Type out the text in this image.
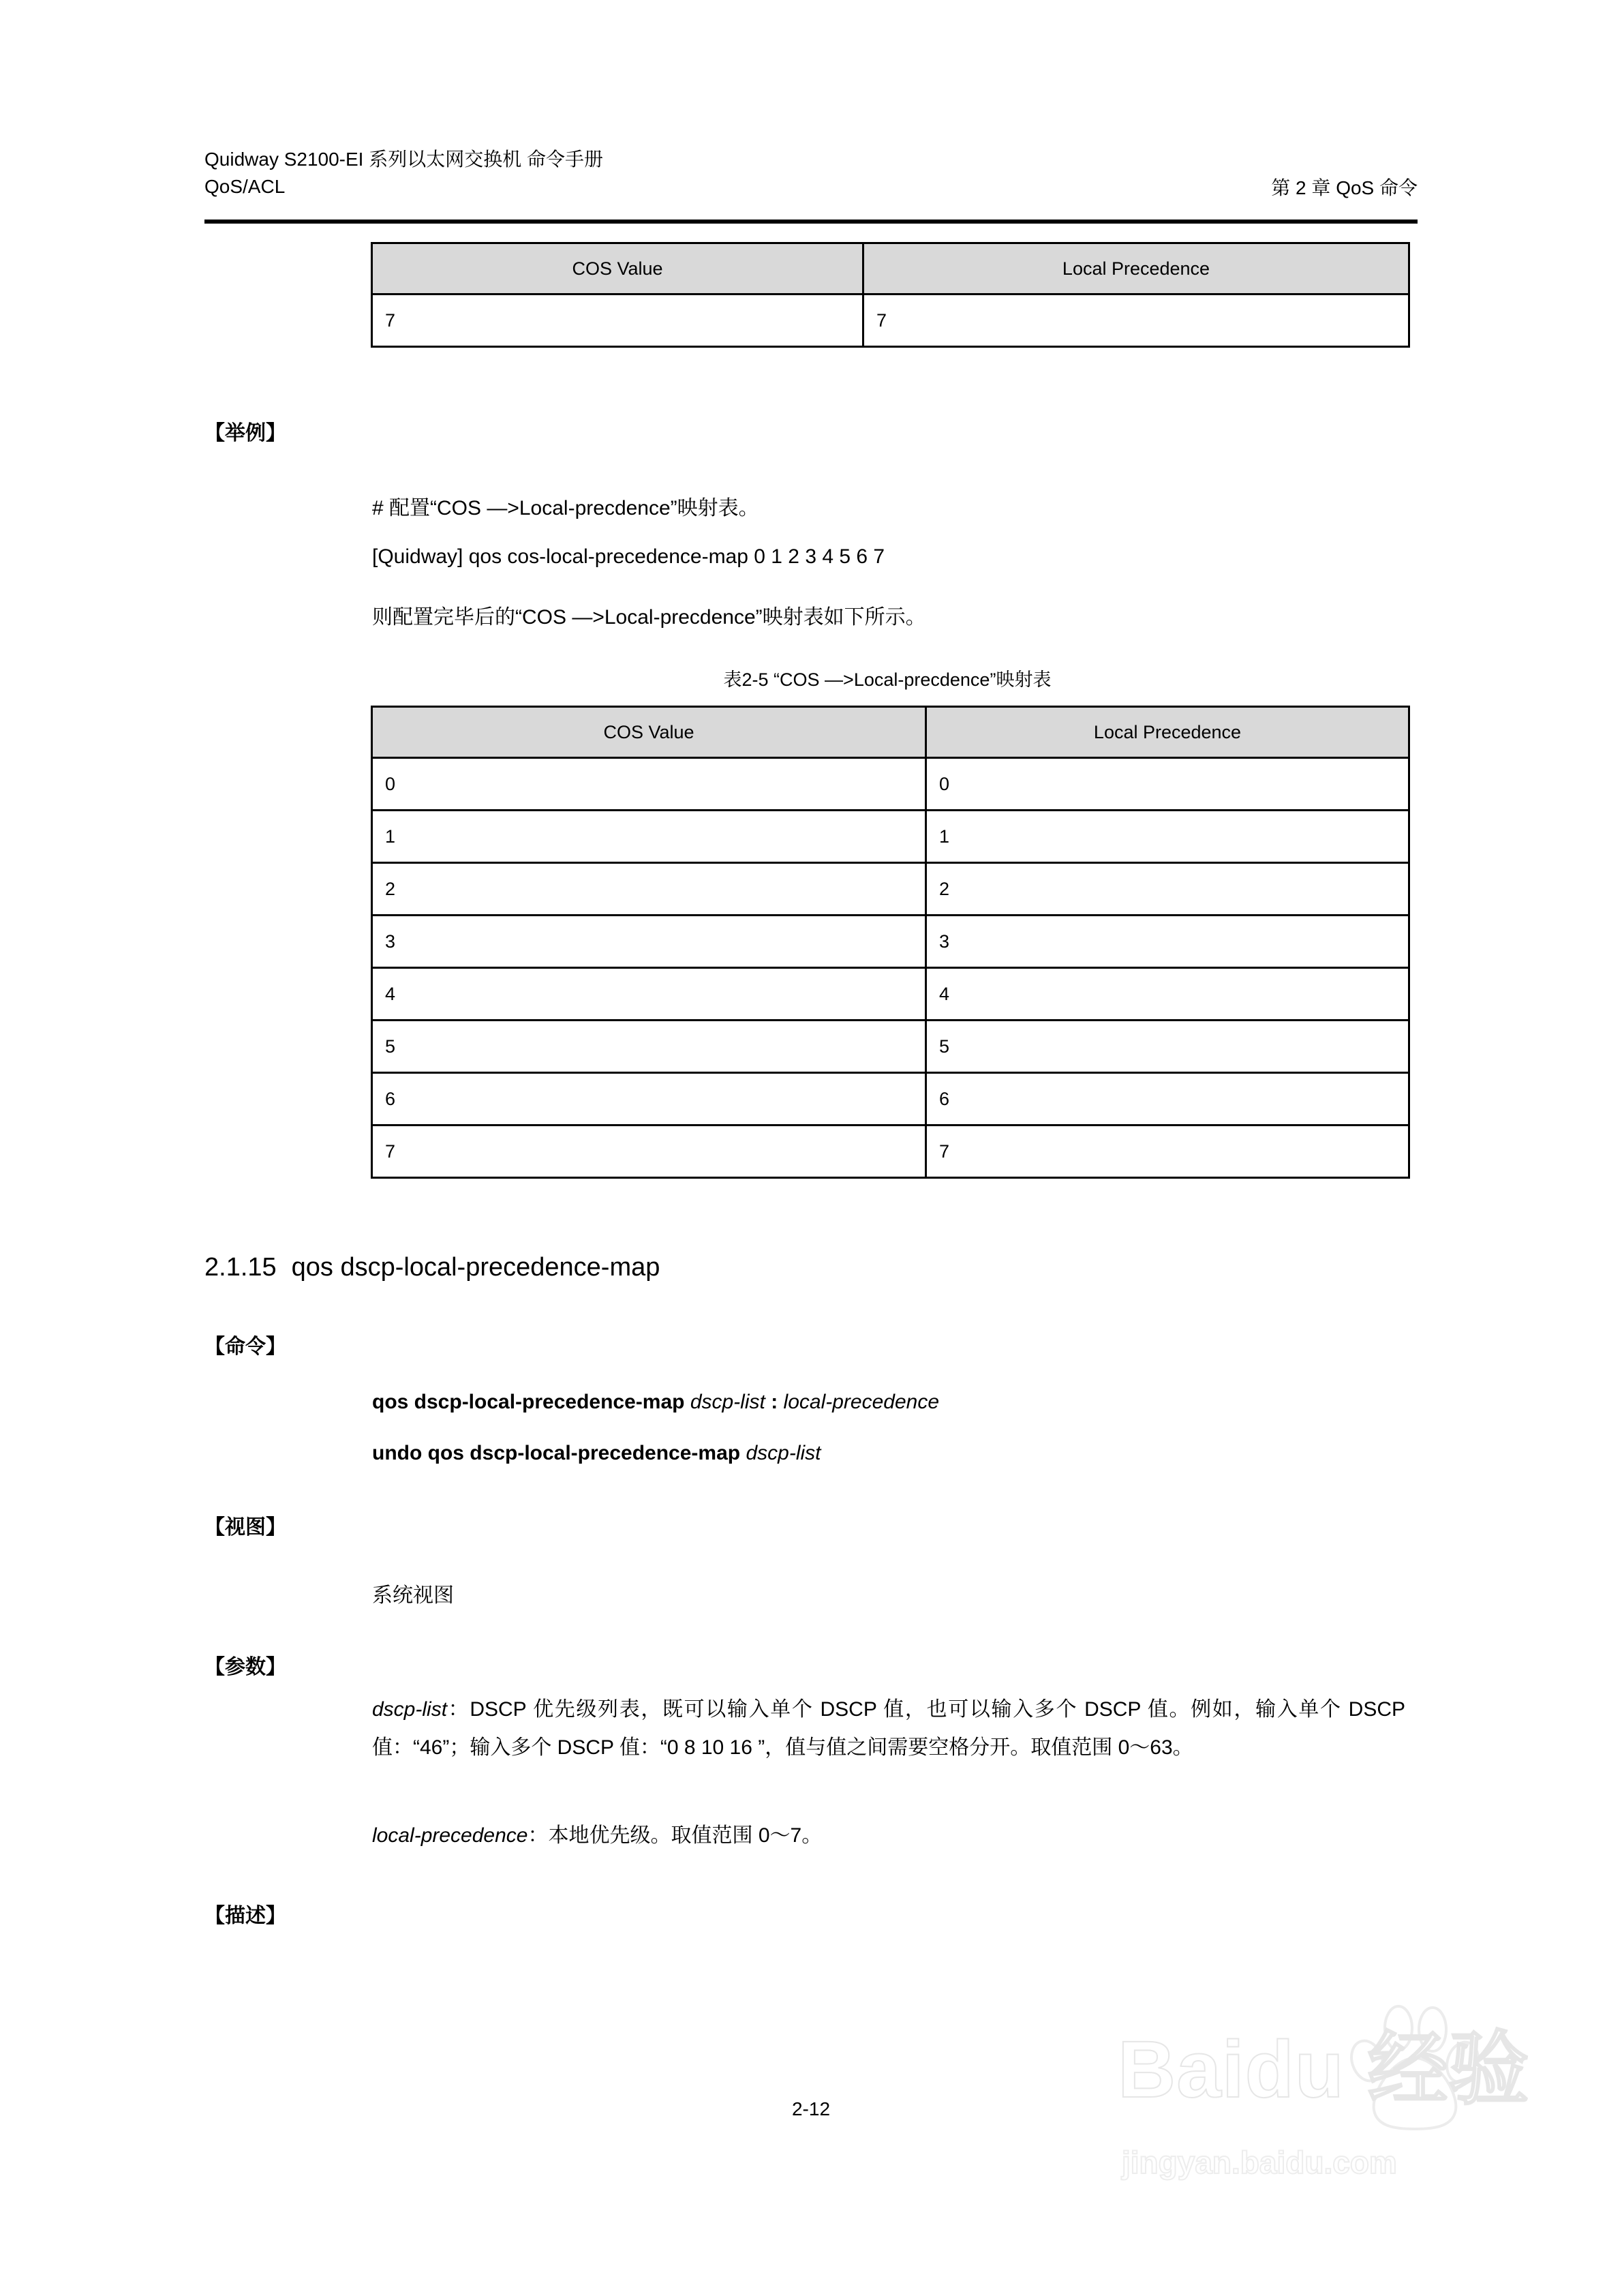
Quidway S2100-EI 系列以太网交换机 命令手册
QoS/ACL	第 2 章 QoS 命令
COS Value	Local Precedence
7	7
【举例】
# 配置“COS —>Local-precdence”映射表。
[Quidway] qos cos-local-precedence-map 0 1 2 3 4 5 6 7
则配置完毕后的“COS —>Local-precdence”映射表如下所示。
表2-5 “COS —>Local-precdence”映射表
COS Value	Local Precedence
0	0
1	1
2	2
3	3
4	4
5	5
6	6
7	7
2.1.15 qos dscp-local-precedence-map
【命令】
qos dscp-local-precedence-map dscp-list : local-precedence
undo qos dscp-local-precedence-map dscp-list
【视图】
系统视图
【参数】
dscp-list：DSCP 优先级列表，既可以输入单个 DSCP 值，也可以输入多个 DSCP 值。例如，输入单个 DSCP 值：“46”；输入多个 DSCP 值：“0 8 10 16 ”，值与值之间需要空格分开。取值范围 0～63。
local-precedence：本地优先级。取值范围 0～7。
【描述】
2-12	Baidu 经验
jingyan.baidu.com
